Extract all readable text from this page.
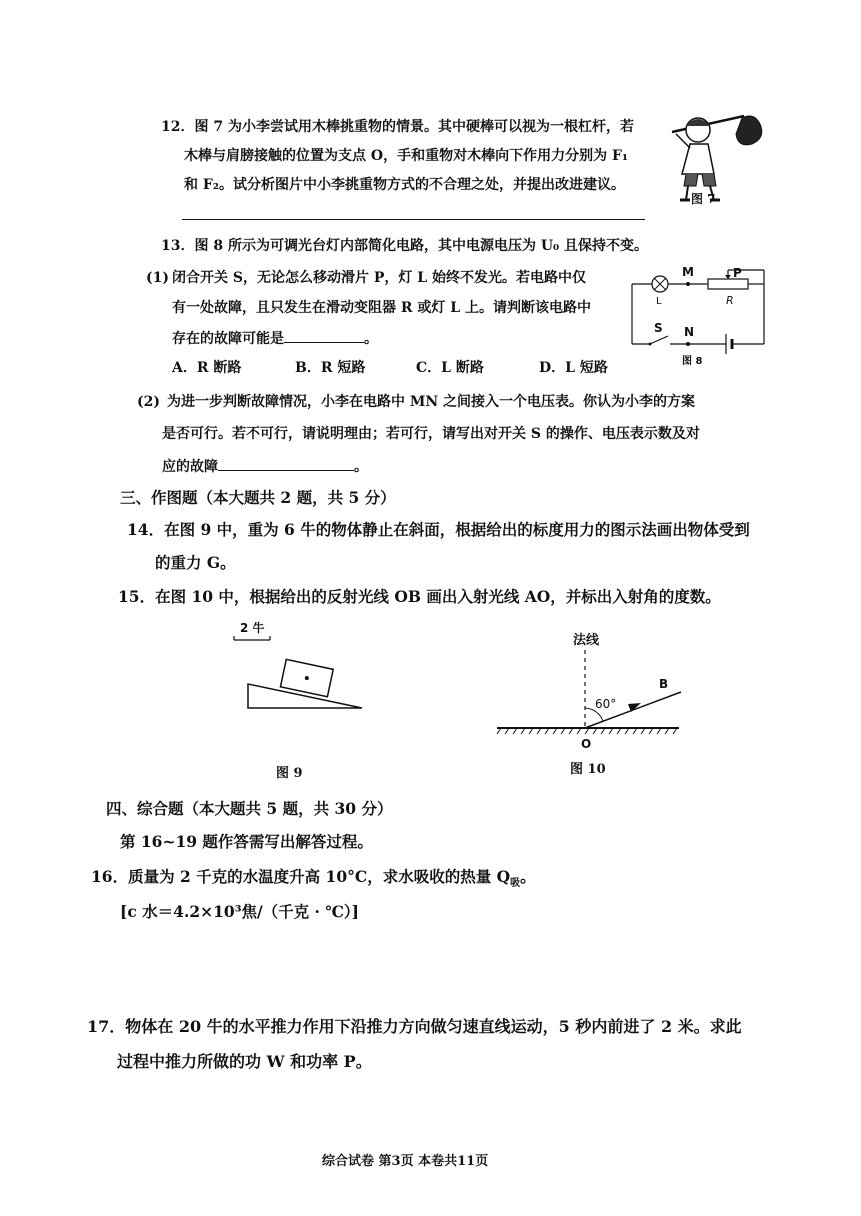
12．图 7 为小李尝试用木棒挑重物的情景。其中硬棒可以视为一根杠杆，若
木棒与肩膀接触的位置为支点 O，手和重物对木棒向下作用力分别为 F₁
和 F₂。试分析图片中小李挑重物方式的不合理之处，并提出改进建议。
图 7
13．图 8 所示为可调光台灯内部简化电路，其中电源电压为 U₀ 且保持不变。
(1) 闭合开关 S，无论怎么移动滑片 P，灯 L 始终不发光。若电路中仅
有一处故障，且只发生在滑动变阻器 R 或灯 L 上。请判断该电路中
存在的故障可能是	。
A．R 断路	B．R 短路	C．L 断路	D．L 短路
M	P
L	R
S N
图 8
(2) 为进一步判断故障情况，小李在电路中 MN 之间接入一个电压表。你认为小李的方案
是否可行。若不可行，请说明理由；若可行，请写出对开关 S 的操作、电压表示数及对
应的故障	。
三、作图题（本大题共 2 题，共 5 分）
14．在图 9 中，重为 6 牛的物体静止在斜面，根据给出的标度用力的图示法画出物体受到
的重力 G。
15．在图 10 中，根据给出的反射光线 OB 画出入射光线 AO，并标出入射角的度数。
2 牛
图 9
法线
60°
B
O
图 10
四、综合题（本大题共 5 题，共 30 分）
第 16~19 题作答需写出解答过程。
16．质量为 2 千克的水温度升高 10°C，求水吸收的热量 $Q_吸$。
[c 水＝4.2×10³焦/（千克 · ℃）]
17．物体在 20 牛的水平推力作用下沿推力方向做匀速直线运动，5 秒内前进了 2 米。求此
过程中推力所做的功 W 和功率 P。
综合试卷 第3页 本卷共11页
